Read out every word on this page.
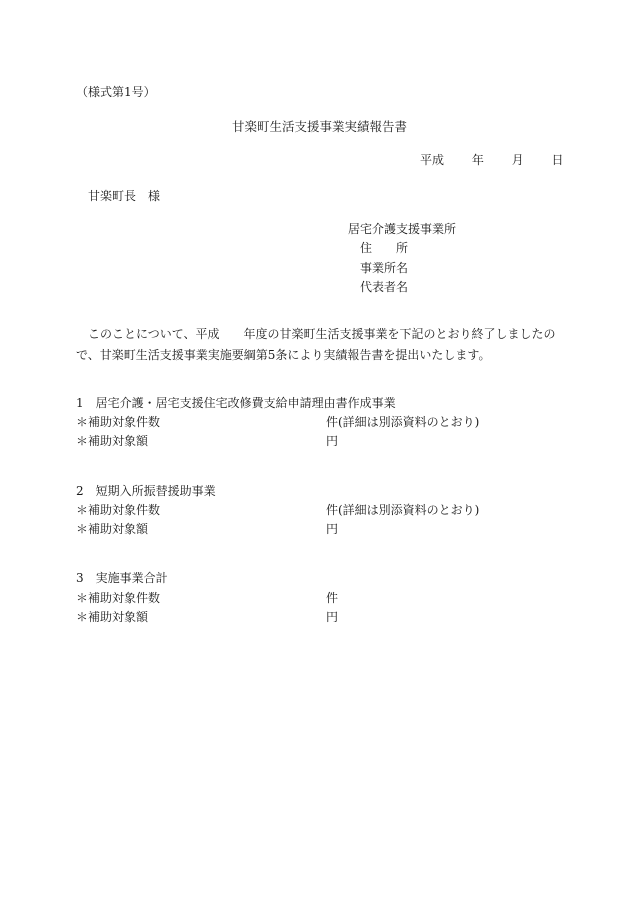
（様式第1号）
甘楽町生活支援事業実績報告書
平成 年 月 日
甘楽町長　様
居宅介護支援事業所
住　　所
事業所名
代表者名
このことについて、平成　　年度の甘楽町生活支援事業を下記のとおり終了しましたの
で、甘楽町生活支援事業実施要綱第5条により実績報告書を提出いたします。
1　居宅介護・居宅支援住宅改修費支給申請理由書作成事業
＊補助対象件数	件(詳細は別添資料のとおり)
＊補助対象額	円
2　短期入所振替援助事業
＊補助対象件数	件(詳細は別添資料のとおり)
＊補助対象額	円
3　実施事業合計
＊補助対象件数	件
＊補助対象額	円
